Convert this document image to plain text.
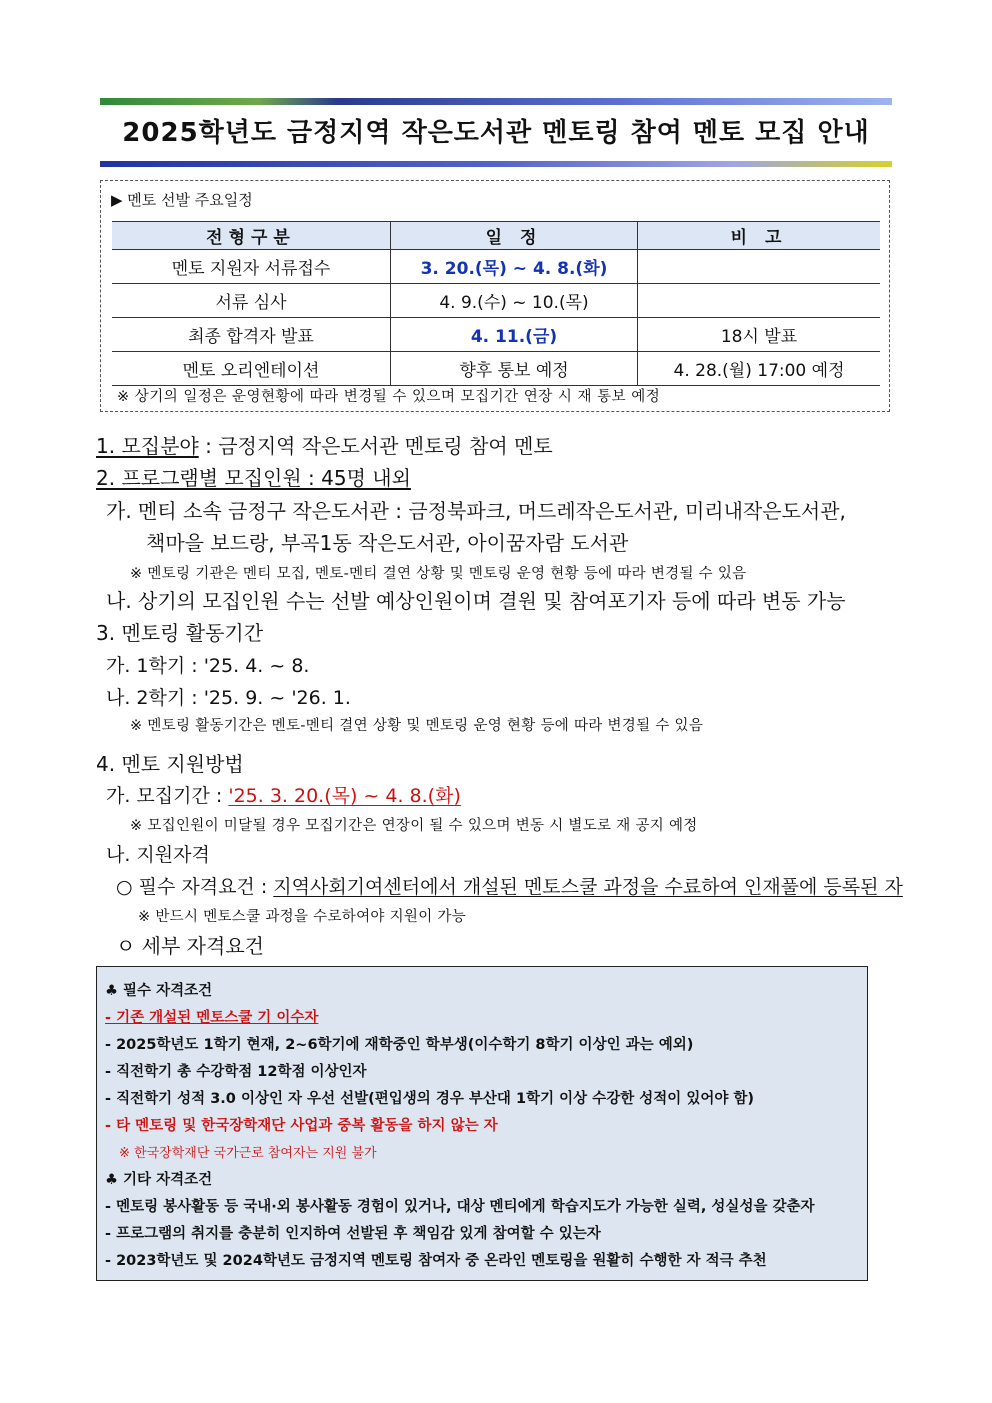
2025학년도 금정지역 작은도서관 멘토링 참여 멘토 모집 안내
▶ 멘토 선발 주요일정
전형구분	일 정	비 고
멘토 지원자 서류접수	3. 20.(목) ~ 4. 8.(화)	
서류 심사	4. 9.(수) ~ 10.(목)	
최종 합격자 발표	4. 11.(금)	18시 발표
멘토 오리엔테이션	향후 통보 예정	4. 28.(월) 17:00 예정
※ 상기의 일정은 운영현황에 따라 변경될 수 있으며 모집기간 연장 시 재 통보 예정
1. 모집분야 : 금정지역 작은도서관 멘토링 참여 멘토
2. 프로그램별 모집인원 : 45명 내외
가. 멘티 소속 금정구 작은도서관 : 금정북파크, 머드레작은도서관, 미리내작은도서관,
책마을 보드랑, 부곡1동 작은도서관, 아이꿈자람 도서관
※ 멘토링 기관은 멘티 모집, 멘토-멘티 결연 상황 및 멘토링 운영 현황 등에 따라 변경될 수 있음
나. 상기의 모집인원 수는 선발 예상인원이며 결원 및 참여포기자 등에 따라 변동 가능
3. 멘토링 활동기간
가. 1학기 : '25. 4. ~ 8.
나. 2학기 : '25. 9. ~ '26. 1.
※ 멘토링 활동기간은 멘토-멘티 결연 상황 및 멘토링 운영 현황 등에 따라 변경될 수 있음
4. 멘토 지원방법
가. 모집기간 : '25. 3. 20.(목) ~ 4. 8.(화)
※ 모집인원이 미달될 경우 모집기간은 연장이 될 수 있으며 변동 시 별도로 재 공지 예정
나. 지원자격
○ 필수 자격요건 : 지역사회기여센터에서 개설된 멘토스쿨 과정을 수료하여 인재풀에 등록된 자
※ 반드시 멘토스쿨 과정을 수로하여야 지원이 가능
ㅇ 세부 자격요건
♣ 필수 자격조건
- 기존 개설된 멘토스쿨 기 이수자
- 2025학년도 1학기 현재, 2~6학기에 재학중인 학부생(이수학기 8학기 이상인 과는 예외)
- 직전학기 총 수강학점 12학점 이상인자
- 직전학기 성적 3.0 이상인 자 우선 선발(편입생의 경우 부산대 1학기 이상 수강한 성적이 있어야 함)
- 타 멘토링 및 한국장학재단 사업과 중복 활동을 하지 않는 자
※ 한국장학재단 국가근로 참여자는 지원 불가
♣ 기타 자격조건
- 멘토링 봉사활동 등 국내·외 봉사활동 경험이 있거나, 대상 멘티에게 학습지도가 가능한 실력, 성실성을 갖춘자
- 프로그램의 취지를 충분히 인지하여 선발된 후 책임감 있게 참여할 수 있는자
- 2023학년도 및 2024학년도 금정지역 멘토링 참여자 중 온라인 멘토링을 원활히 수행한 자 적극 추천
